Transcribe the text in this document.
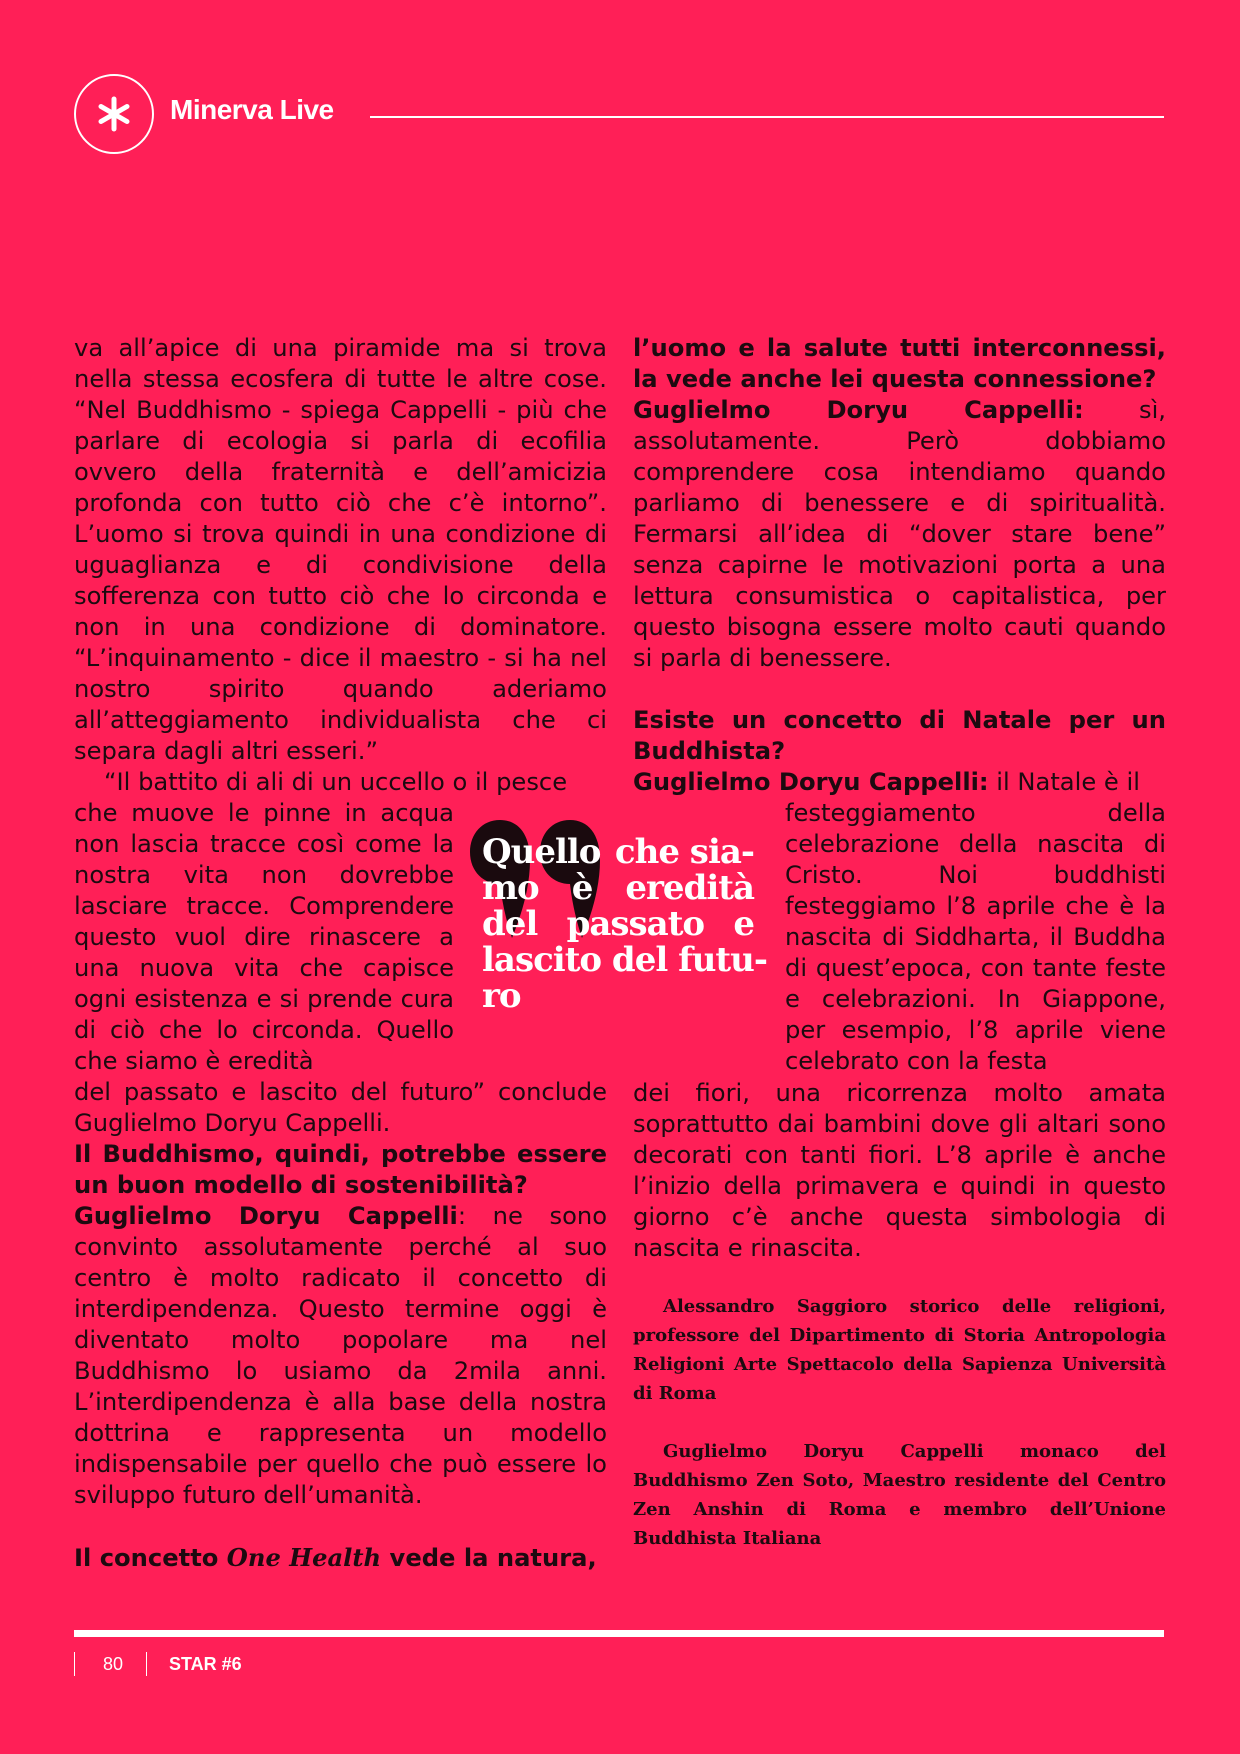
Minerva Live

va all’apice di una piramide ma si trova nella stessa ecosfera di tutte le altre cose. “Nel Buddhismo - spiega Cappelli - più che parlare di ecologia si parla di ecofilia ovvero della fraternità e dell’amicizia profonda con tutto ciò che c’è intorno”. L’uomo si trova quindi in una condizione di uguaglianza e di condivisione della sofferenza con tutto ciò che lo circonda e non in una condizione di dominatore. “L’inquinamento - dice il maestro - si ha nel nostro spirito quando aderiamo all’atteggiamento individualista che ci separa dagli altri esseri.”

“Il battito di ali di un uccello o il pesce

che muove le pinne in acqua non lascia tracce così come la nostra vita non dovrebbe lasciare tracce. Comprendere questo vuol dire rinascere a una nuova vita che capisce ogni esistenza e si prende cura di ciò che lo circonda. Quello che siamo è eredità

del passato e lascito del futuro” conclude Guglielmo Doryu Cappelli.

Il Buddhismo, quindi, potrebbe essere un buon modello di sostenibilità?

Guglielmo Doryu Cappelli: ne sono convinto assolutamente perché al suo centro è molto radicato il concetto di interdipendenza. Questo termine oggi è diventato molto popolare ma nel Buddhismo lo usiamo da 2mila anni. L’interdipendenza è alla base della nostra dottrina e rappresenta un modello indispensabile per quello che può essere lo sviluppo futuro dell’umanità.

Il concetto One Health vede la natura,

l’uomo e la salute tutti interconnessi, la vede anche lei questa connessione?

Guglielmo Doryu Cappelli: sì, assolutamente. Però dobbiamo comprendere cosa intendiamo quando parliamo di benessere e di spiritualità. Fermarsi all’idea di “dover stare bene” senza capirne le motivazioni porta a una lettura consumistica o capitalistica, per questo bisogna essere molto cauti quando si parla di benessere.

Esiste un concetto di Natale per un Buddhista?

Guglielmo Doryu Cappelli: il Natale è il

festeggiamento della celebrazione della nascita di Cristo. Noi buddhisti festeggiamo l’8 aprile che è la nascita di Siddharta, il Buddha di quest’epoca, con tante feste e celebrazioni. In Giappone, per esempio, l’8 aprile viene celebrato con la festa

dei fiori, una ricorrenza molto amata soprattutto dai bambini dove gli altari sono decorati con tanti fiori. L’8 aprile è anche l’inizio della primavera e quindi in questo giorno c’è anche questa simbologia di nascita e rinascita.

Alessandro Saggioro storico delle religioni, professore del Dipartimento di Storia Antropologia Religioni Arte Spettacolo della Sapienza Università di Roma

Guglielmo Doryu Cappelli monaco del Buddhismo Zen Soto, Maestro residente del Centro Zen Anshin di Roma e membro dell’Unione Buddhista Italiana

Quello che sia-
mo è eredità
del passato e
lascito del futu-
ro
80	STAR #6
